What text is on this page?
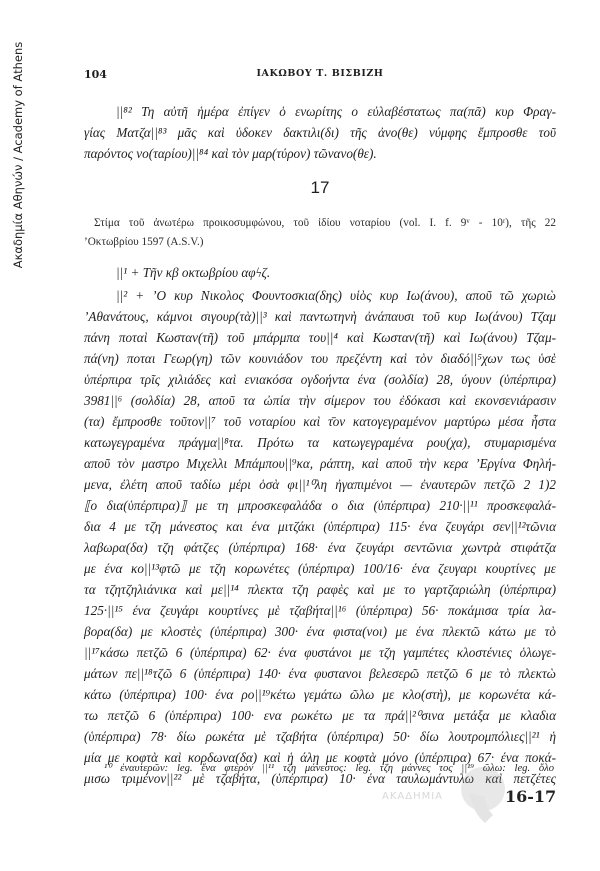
Ακαδημία Αθηνών / Academy of Athens	104	ΙΑΚΩΒΟΥ Τ. ΒΙΣΒΙΖΗ
||⁸² Τη αὐτῆ ἡμέρα ἐπίγεν ὁ ενωρίτης ο εὐλαβέστατως πα(πᾶ) κυρ Φραγ-
γίας Ματζα||⁸³ μᾶς καὶ ὑδοκεν δακτιλι(δι) τῆς ἀνο(θε) νύμφης ἔμπροσθε τοῦ
παρόντος νο(ταρίου)||⁸⁴ καὶ τὸν μαρ(τύρον) τῶνανο(θε).
17
Στίμα τοῦ ἀνωτέρω προικοσυμφώνου, τοῦ ἰδίου νοταρίου (vol. I. f. 9ᵛ - 10ʳ), τῆς 22
’Οκτωβρίου 1597 (A.S.V.)
||¹ + Τῆν κβ οκτωβρίου αφϟζ.
||² + ’Ο κυρ Νικολος Φουντοσκια(δης) υἱὸς κυρ Ιω(άνου), αποῦ τῶ χωριὼ
’Αθανάτους, κάμνοι σιγουρ(τὰ)||³ καὶ παντωτηνὴ ἀνάπαυσι τοῦ κυρ Ιω(άνου) Τζαμ
πάνη ποταὶ Κωσταν(τῆ) τοῦ μπάρμπα του||⁴ καὶ Κωσταν(τῆ) καὶ Ιω(άνου) Τζαμ-
πά(νη) ποται Γεωρ(γη) τῶν κουνιάδον του πρεζέντη καὶ τὸν διαδό||⁵χων τως ὑσὲ
ὑπέρπιρα τρῖς χιλιάδες καὶ ενιακόσα ογδοήντα ένα (σολδία) 28, ύγουν (ὑπέρπιρα)
3981||⁶ (σολδία) 28, αποῦ τα ὠπία τὴν σίμερον του ἐδόκασι καὶ εκονσενιάρασιν
(τα) ἔμπροσθε τοῦτον||⁷ τοῦ νοταρίου καὶ τ̄ον κατογεγραμένον μαρτύρω μέσα ἧστα
κατωγεγραμένα πράγμα||⁸τα. Πρότω τα κατωγεγραμένα ρου(χα), στυμαρισμένα
αποῦ τὸν μαστρο Μιχελλι Μπάμπου||⁹κα, ράπτη, καὶ αποῦ τὴν κερα ’Εργίνα Φηλή-
μενα, ἐλέτη αποῦ ταδίω μέρι ὁσὰ φι||¹⁰λη ἠγαπιμένοι — ἐναυτερῶν πετζῶ 2 1)2
⟦ο δια(ὑπέρπιρα)⟧ με τη μπροσκεφαλάδα ο δια (ὑπέρπιρα) 210·||¹¹ προσκεφαλά-
δια 4 με τζη μάνεστος και ένα μιτζάκι (ὑπέρπιρα) 115· ένα ζευγάρι σεν||¹²τῶνια
λαβωρα(δα) τζη φάτζες (ὑπέρπιρα) 168· ένα ζευγάρι σεντῶνια χωντρὰ στιφάτζα
με ένα κο||¹³φτῶ με τζη κορωνέτες (ὑπέρπιρα) 100/16· ένα ζευγαρι κουρτίνες με
τα τζητζηλιάνικα καὶ με||¹⁴ πλεκτα τζη ραφὲς καὶ με το γαρτζαριώλη (ὑπέρπιρα)
125·||¹⁵ ένα ζευγάρι κουρτίνες μὲ τζαβήτα||¹⁶ (ὑπέρπιρα) 56· ποκάμισα τρία λα-
βορα(δα) με κλοστὲς (ὑπέρπιρα) 300· ένα φιστα(νοι) με ένα πλεκτῶ κάτω με τὸ
||¹⁷κάσω πετζῶ 6 (ὑπέρπιρα) 62· ένα φυστάνοι με τζη γαμπέτες κλοστένιες ὁλωγε-
μάτων πε||¹⁸τζῶ 6 (ὑπέρπιρα) 140· ένα φυστανοι βελεσερῶ πετζῶ 6 με τὸ πλεκτὼ
κάτω (ὑπέρπιρα) 100· ένα ρο||¹⁹κέτω γεμάτω ῶλω με κλο(στὴ), με κορωνέτα κά-
τω πετζῶ 6 (ὑπέρπιρα) 100· ενα ρωκέτω με τα πρά||²⁰σινα μετάξα με κλαδια
(ὑπέρπιρα) 78· δίω ρωκέτα μὲ τζαβήτα (ὑπέρπιρα) 50· δίω λουτρομπόλιες||²¹ ἡ
μία με κοφτὰ καὶ κορδωνα(δα) καὶ ἡ άλη με κοφτὰ μόνο (ὑπέρπιρα) 67· ένα ποκά-
μισω τριμένον||²² μὲ τζαβήτα, (ὑπέρπιρα) 10· ένα ταυλωμάντυλω καὶ πετζέτες
¹⁰ ἐναυτερῶν: leg. ἕνα φτερὸν ||¹¹ τζη μάνεστος: leg. τζη μάννες τος ||¹⁹ ῶλω: leg. ὅλο
ΑΚΑΔΗΜΙΑ	16-17
